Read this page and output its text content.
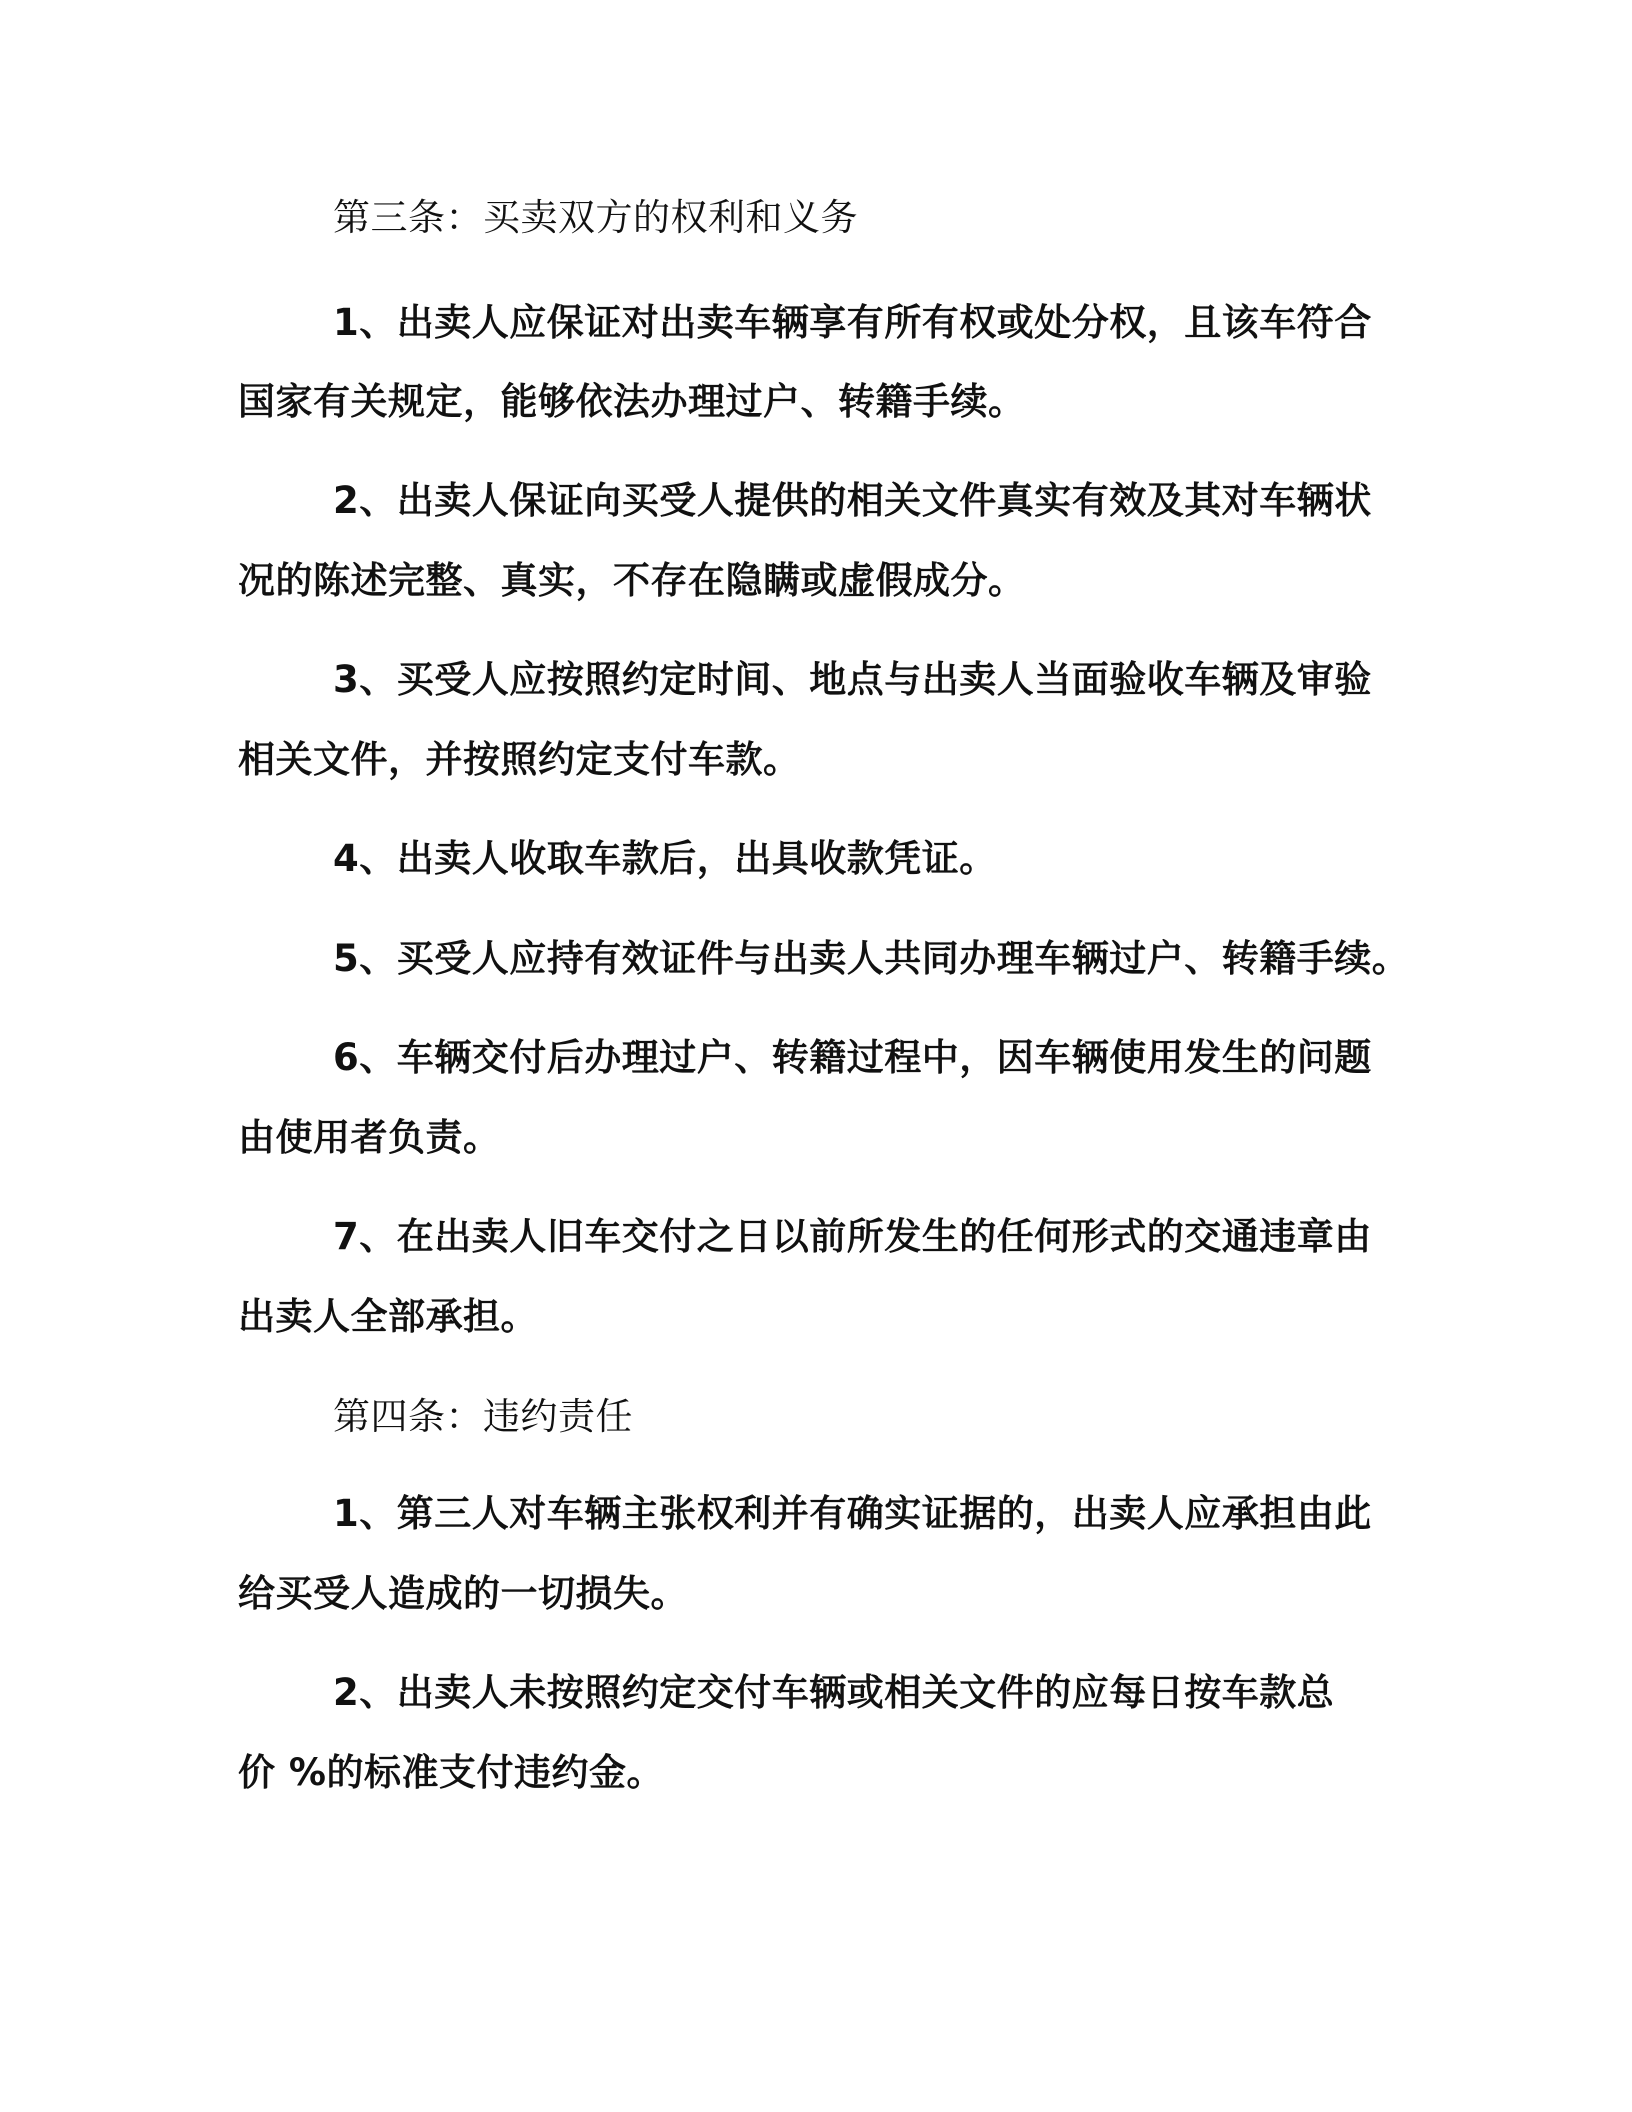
第三条：买卖双方的权利和义务
1、出卖人应保证对出卖车辆享有所有权或处分权，且该车符合
国家有关规定，能够依法办理过户、转籍手续。
2、出卖人保证向买受人提供的相关文件真实有效及其对车辆状
况的陈述完整、真实，不存在隐瞒或虚假成分。
3、买受人应按照约定时间、地点与出卖人当面验收车辆及审验
相关文件，并按照约定支付车款。
4、出卖人收取车款后，出具收款凭证。
5、买受人应持有效证件与出卖人共同办理车辆过户、转籍手续。
6、车辆交付后办理过户、转籍过程中，因车辆使用发生的问题
由使用者负责。
7、在出卖人旧车交付之日以前所发生的任何形式的交通违章由
出卖人全部承担。
第四条：违约责任
1、第三人对车辆主张权利并有确实证据的，出卖人应承担由此
给买受人造成的一切损失。
2、出卖人未按照约定交付车辆或相关文件的应每日按车款总
价 %的标准支付违约金。
